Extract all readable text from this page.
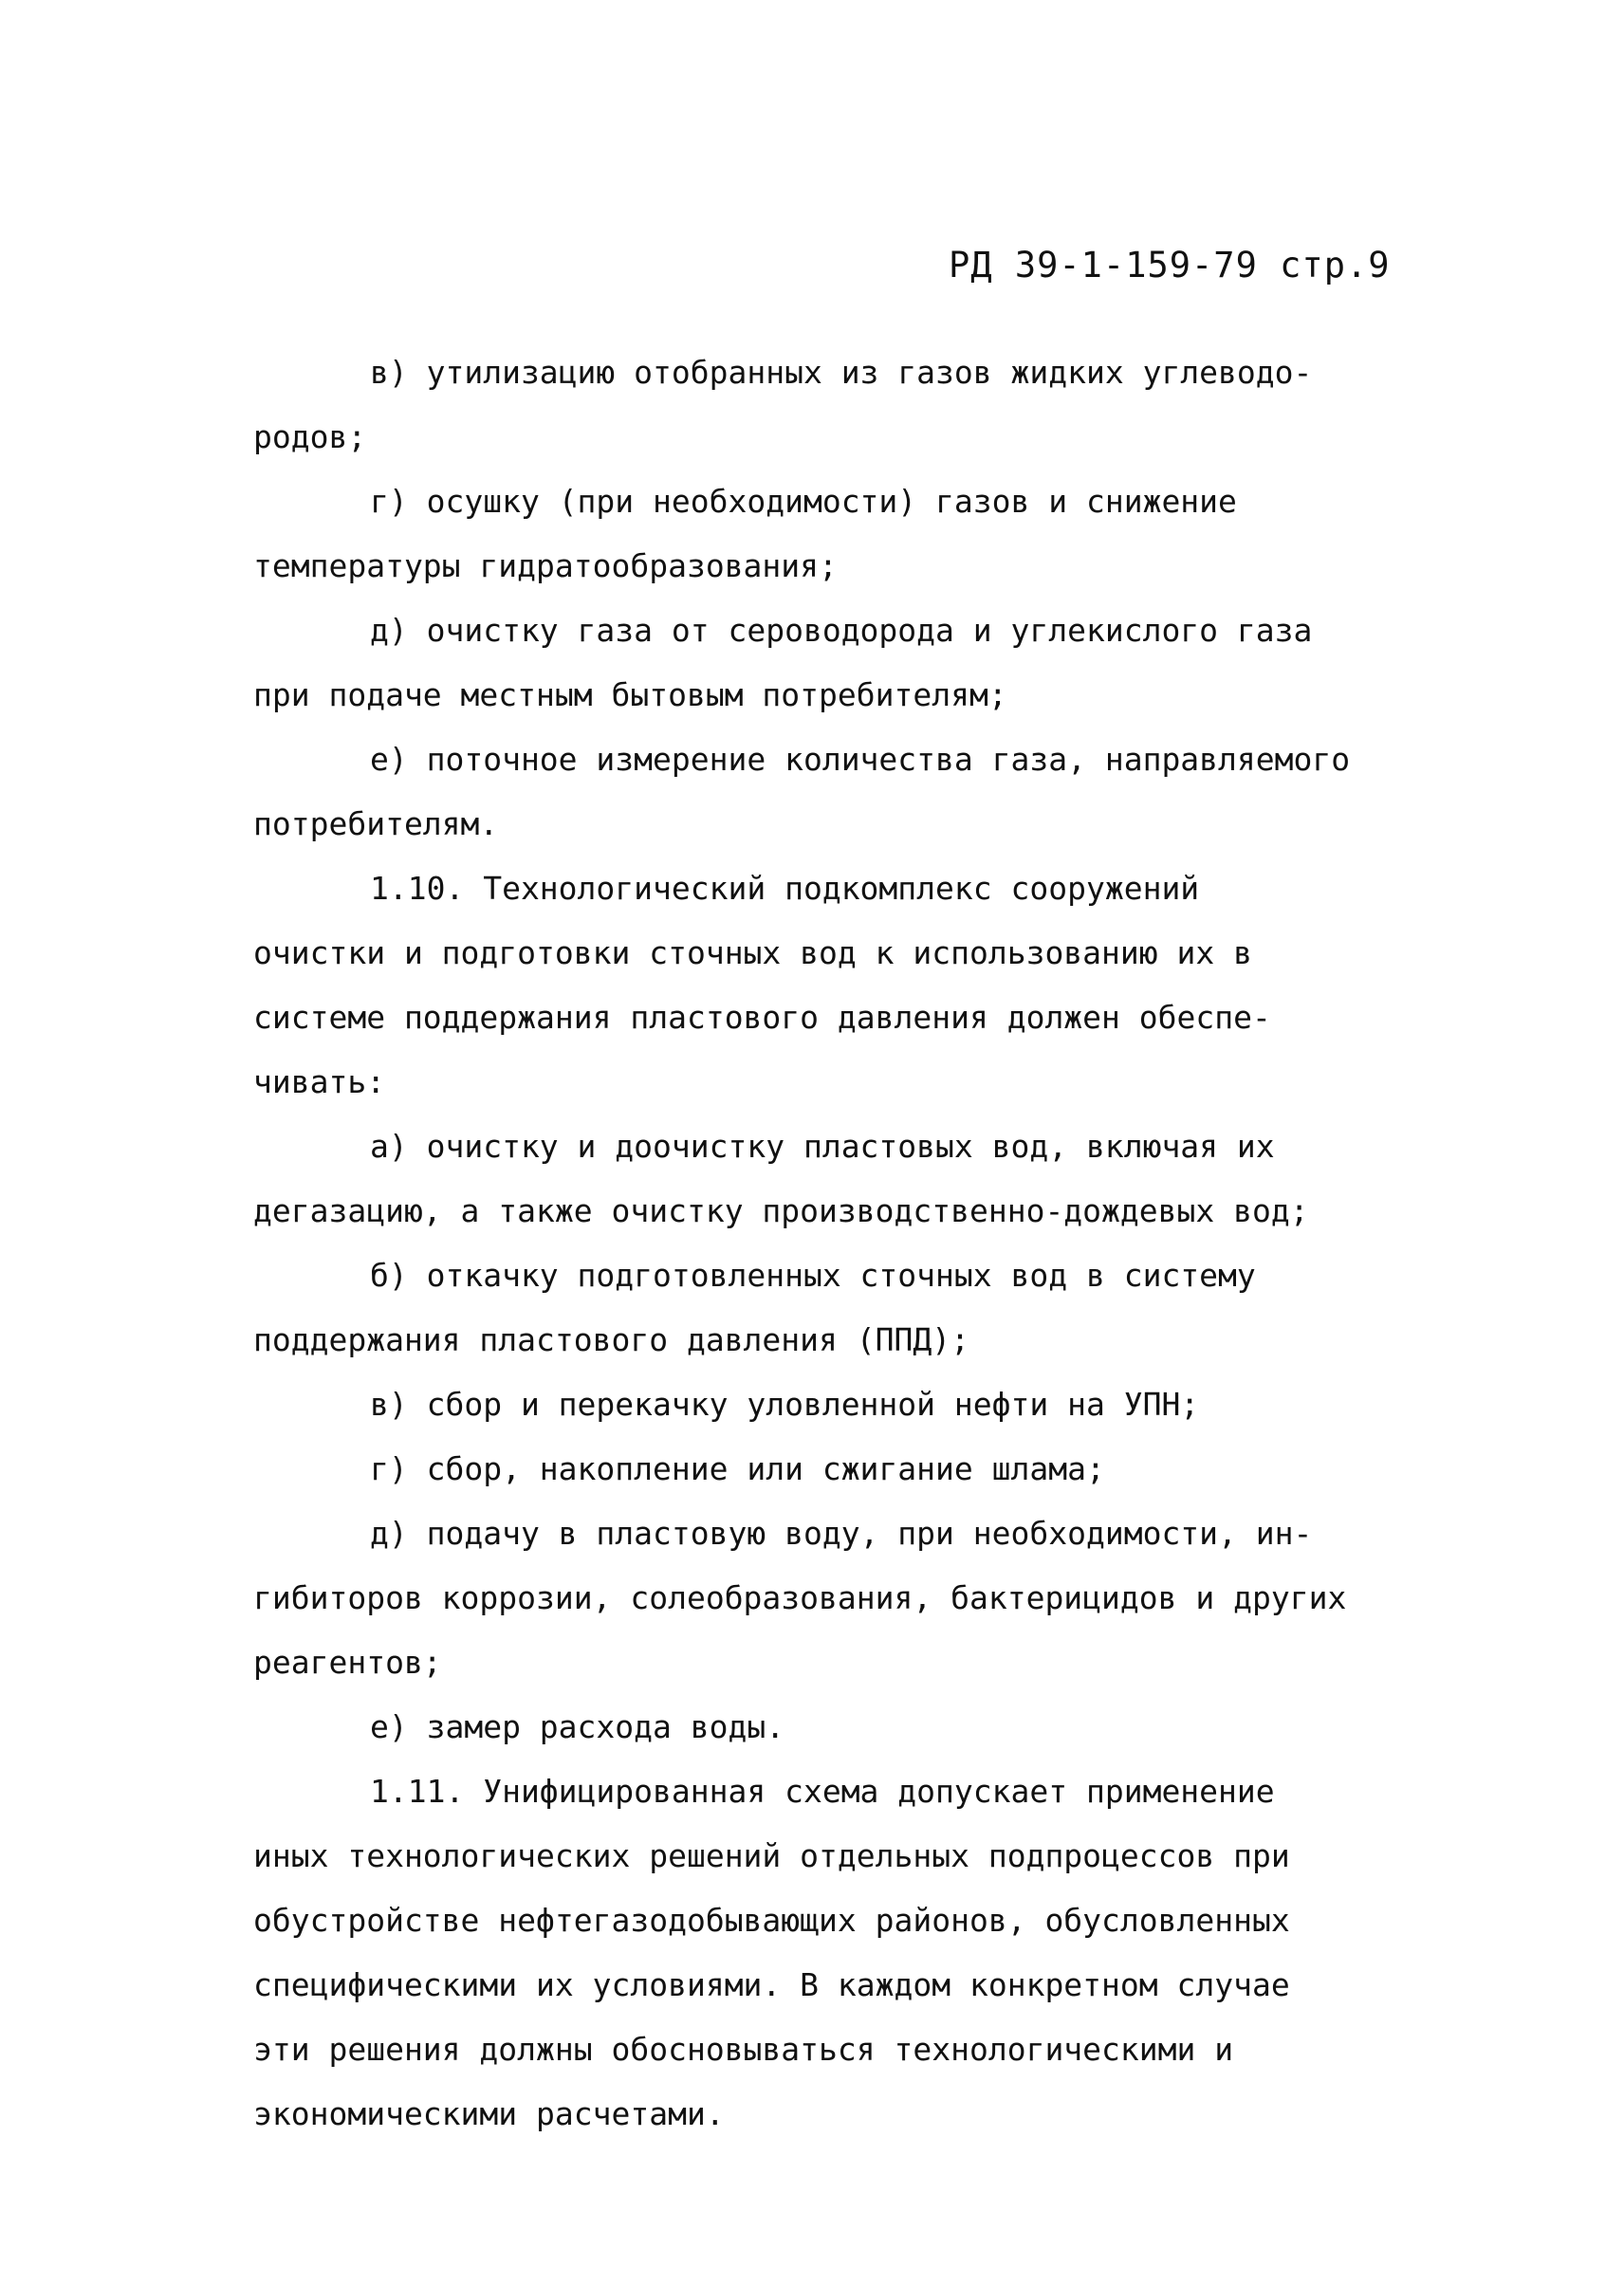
РД 39-1-159-79 стр.9
в) утилизацию отобранных из газов жидких углеводо-
родов;
г) осушку (при необходимости) газов и снижение
температуры гидратообразования;
д) очистку газа от сероводорода и углекислого газа
при подаче местным бытовым потребителям;
е) поточное измерение количества газа, направляемого
потребителям.
1.10. Технологический подкомплекс сооружений
очистки и подготовки сточных вод к использованию их в
системе поддержания пластового давления должен обеспе-
чивать:
а) очистку и доочистку пластовых вод, включая их
дегазацию, а также очистку производственно-дождевых вод;
б) откачку подготовленных сточных вод в систему
поддержания пластового давления (ППД);
в) сбор и перекачку уловленной нефти на УПН;
г) сбор, накопление или сжигание шлама;
д) подачу в пластовую воду, при необходимости, ин-
гибиторов коррозии, солеобразования, бактерицидов и других
реагентов;
е) замер расхода воды.
1.11. Унифицированная схема допускает применение
иных технологических решений отдельных подпроцессов при
обустройстве нефтегазодобывающих районов, обусловленных
специфическими их условиями. В каждом конкретном случае
эти решения должны обосновываться технологическими и
экономическими расчетами.
